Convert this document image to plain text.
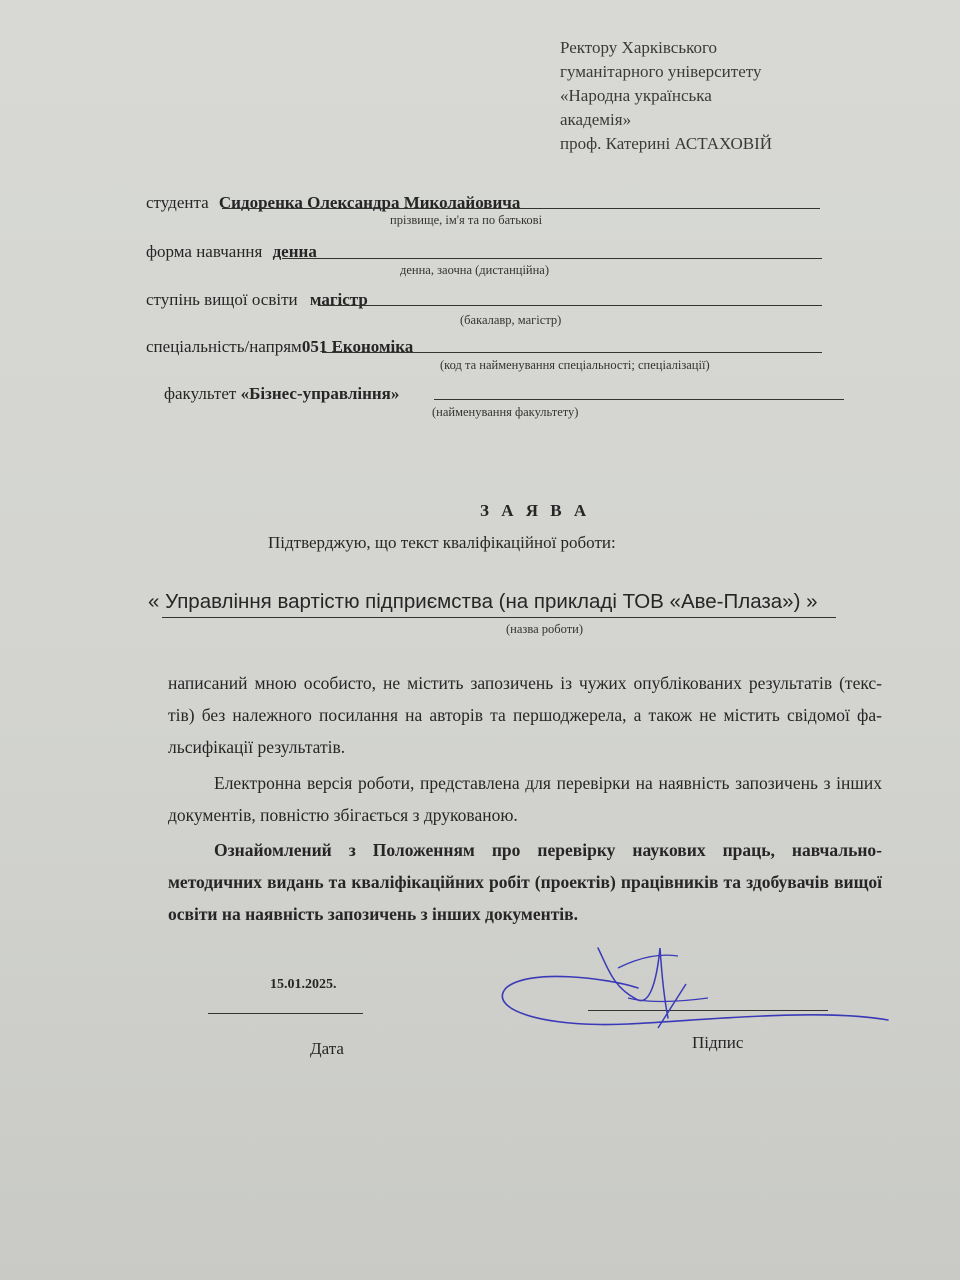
Ректору Харківського
гуманітарного університету
«Народна українська
академія»
проф. Катерині АСТАХОВІЙ
студента Сидоренка Олександра Миколайовича
прізвище, ім'я та по батькові
форма навчання денна
денна, заочна (дистанційна)
ступінь вищої освіти магістр
(бакалавр, магістр)
спеціальність/напрям051 Економіка
(код та найменування спеціальності; спеціалізації)
факультет «Бізнес-управління»
(найменування факультету)
З А Я В А
Підтверджую, що текст кваліфікаційної роботи:
« Управління вартістю підприємства (на прикладі ТОВ «Аве-Плаза») »
(назва роботи)
написаний мною особисто, не містить запозичень із чужих опублікованих результатів (текс- тів) без належного посилання на авторів та першоджерела, а також не містить свідомої фа- льсифікації результатів.
Електронна версія роботи, представлена для перевірки на наявність запозичень з інших документів, повністю збігається з друкованою.
Ознайомлений з Положенням про перевірку наукових праць, навчально-методичних видань та кваліфікаційних робіт (проектів) працівників та здобувачів вищої освіти на наявність запозичень з інших документів.
15.01.2025.
Дата	Підпис
